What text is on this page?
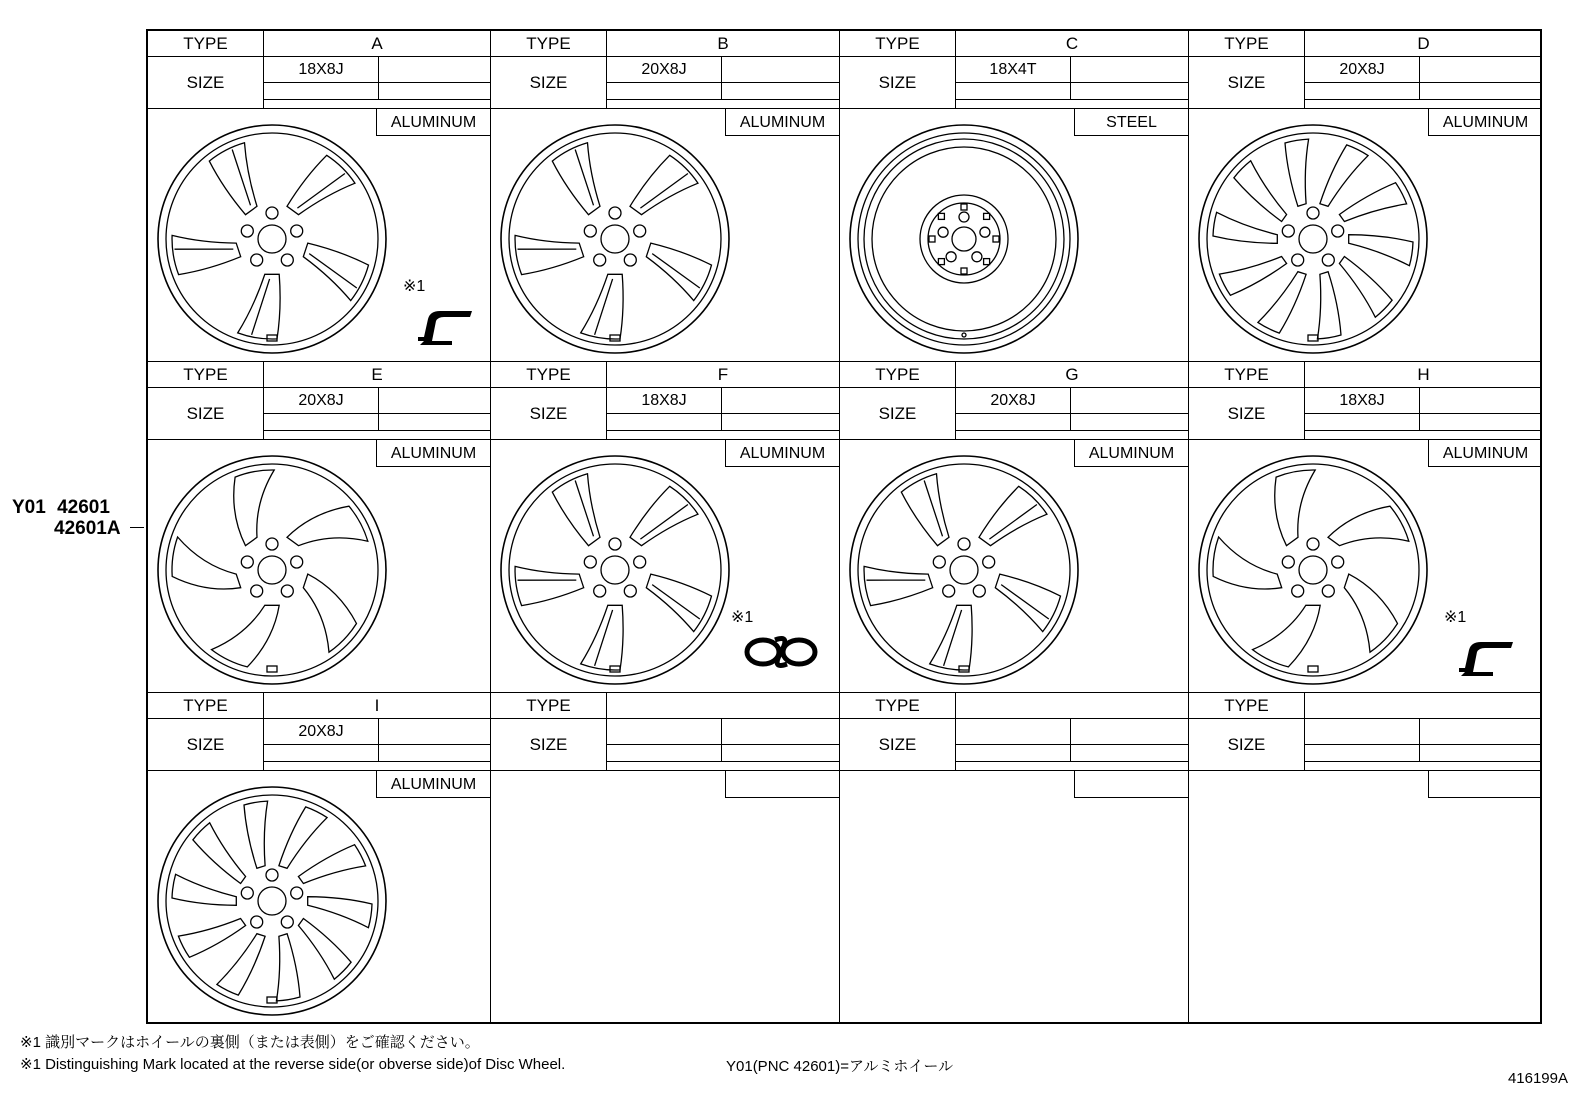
TYPE	A
SIZE
18X8J
ALUMINUM
※1
TYPE	B
SIZE
20X8J
ALUMINUM
TYPE	C
SIZE
18X4T
STEEL
TYPE	D
SIZE
20X8J
ALUMINUM
TYPE	E
SIZE
20X8J
ALUMINUM
TYPE	F
SIZE
18X8J
ALUMINUM
※1
TYPE	G
SIZE
20X8J
ALUMINUM
TYPE	H
SIZE
18X8J
ALUMINUM
※1
TYPE	I
SIZE
20X8J
ALUMINUM
TYPE
SIZE
TYPE
SIZE
TYPE
SIZE
Y01 42601
42601A
※1 識別マークはホイールの裏側（または表側）をご確認ください。
※1 Distinguishing Mark located at the reverse side(or obverse side)of Disc Wheel.	Y01(PNC 42601)=アルミホイール
416199A
